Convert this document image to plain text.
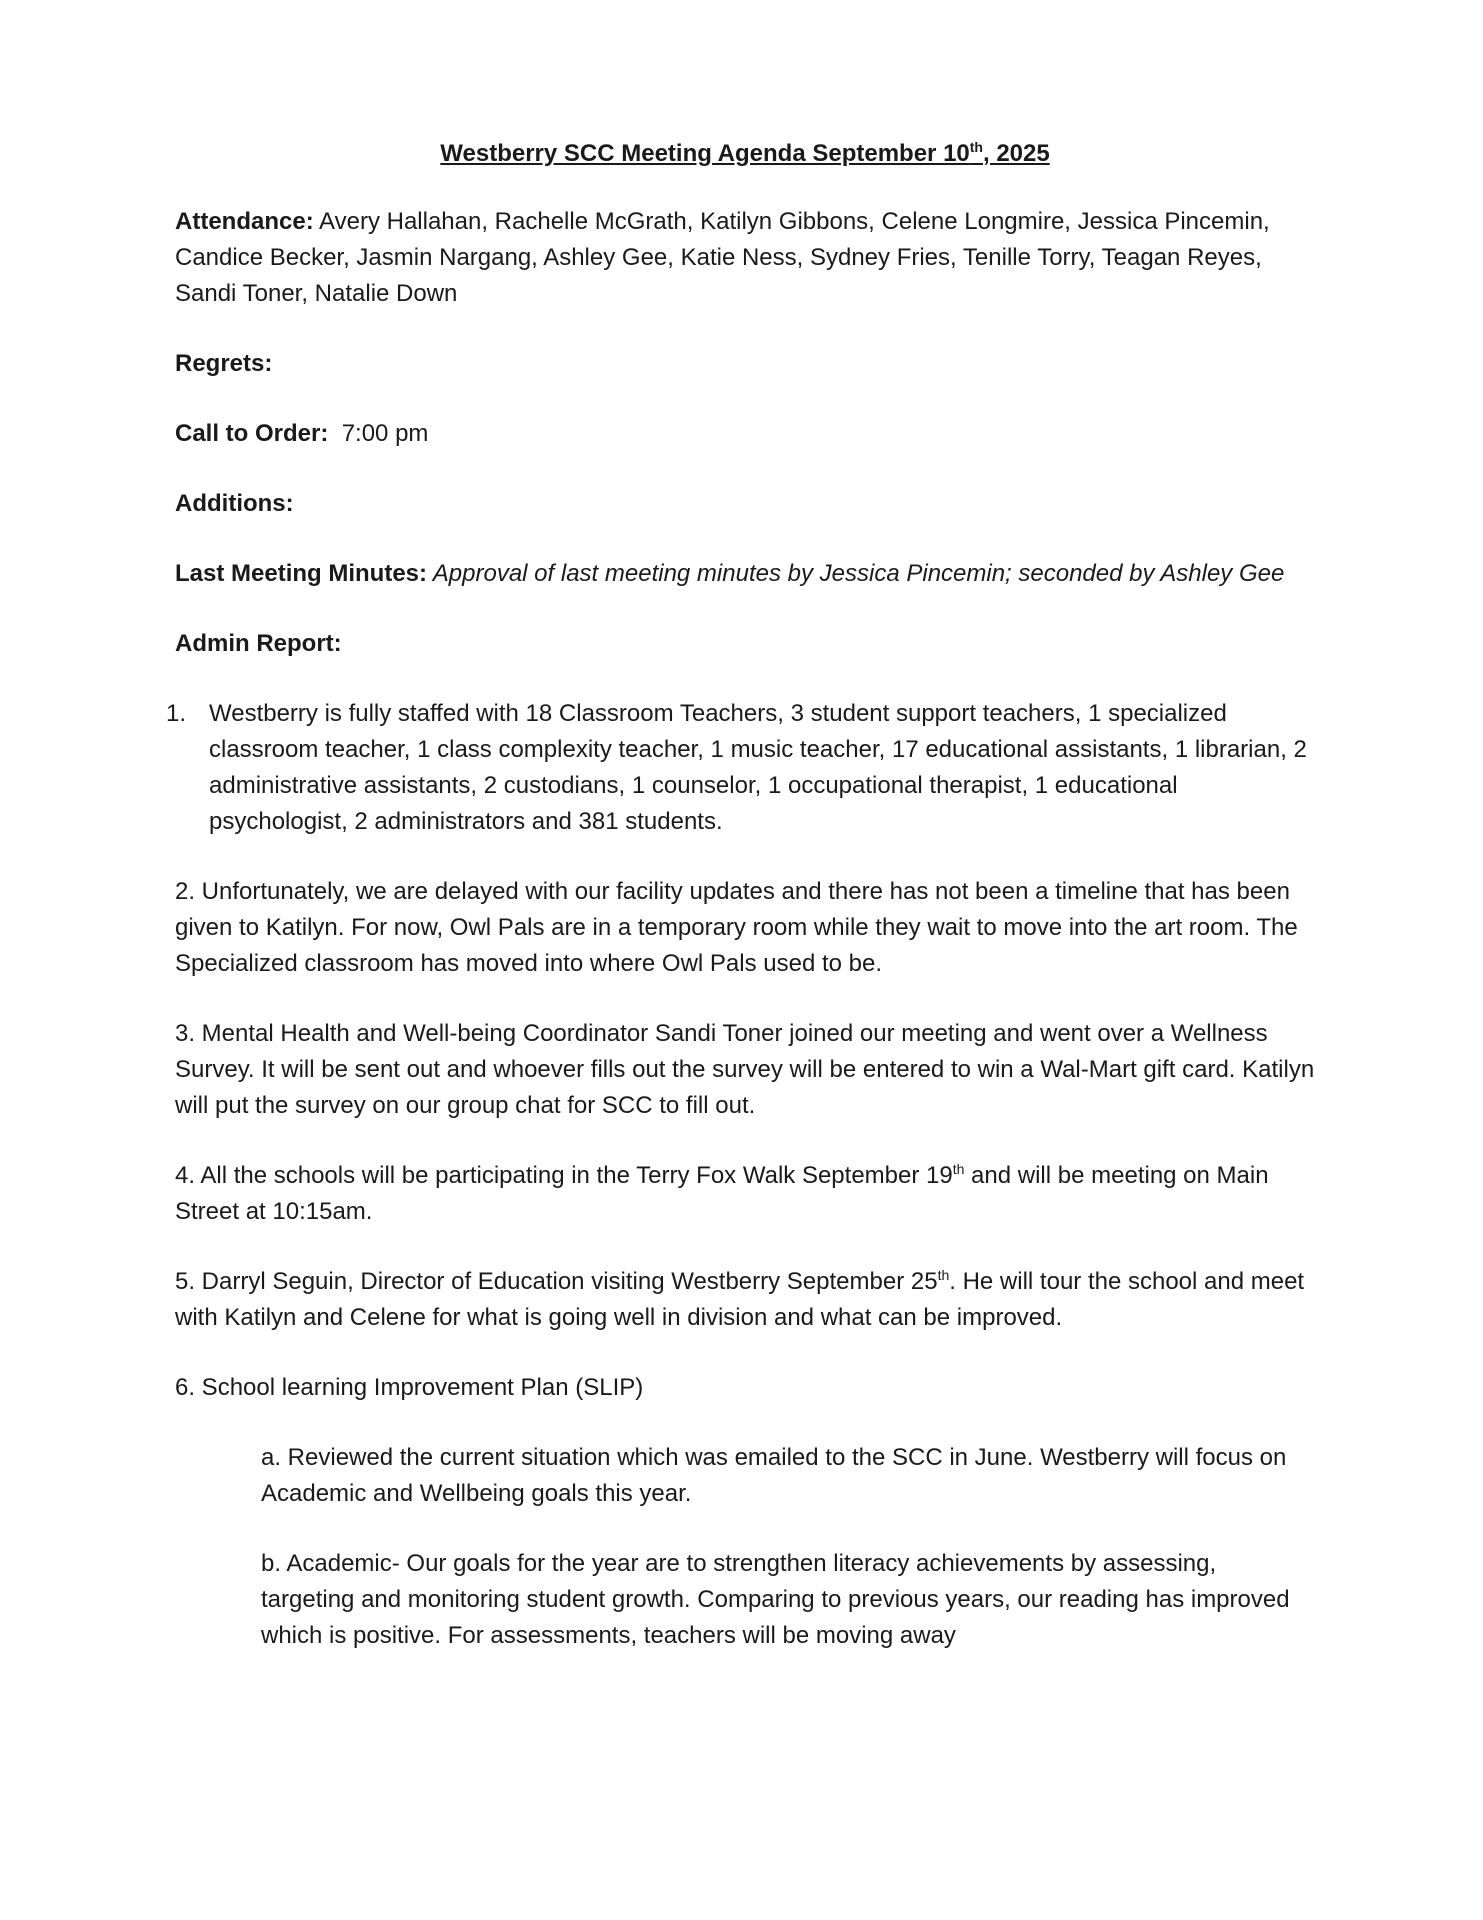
Westberry SCC Meeting Agenda September 10th, 2025
Attendance: Avery Hallahan, Rachelle McGrath, Katilyn Gibbons, Celene Longmire, Jessica Pincemin, Candice Becker, Jasmin Nargang, Ashley Gee, Katie Ness, Sydney Fries, Tenille Torry, Teagan Reyes, Sandi Toner, Natalie Down
Regrets:
Call to Order:  7:00 pm
Additions:
Last Meeting Minutes: Approval of last meeting minutes by Jessica Pincemin; seconded by Ashley Gee
Admin Report:
1. Westberry is fully staffed with 18 Classroom Teachers, 3 student support teachers, 1 specialized classroom teacher, 1 class complexity teacher, 1 music teacher, 17 educational assistants, 1 librarian, 2 administrative assistants, 2 custodians, 1 counselor, 1 occupational therapist, 1 educational psychologist, 2 administrators and 381 students.
2. Unfortunately, we are delayed with our facility updates and there has not been a timeline that has been given to Katilyn. For now, Owl Pals are in a temporary room while they wait to move into the art room. The Specialized classroom has moved into where Owl Pals used to be.
3. Mental Health and Well-being Coordinator Sandi Toner joined our meeting and went over a Wellness Survey. It will be sent out and whoever fills out the survey will be entered to win a Wal-Mart gift card. Katilyn will put the survey on our group chat for SCC to fill out.
4. All the schools will be participating in the Terry Fox Walk September 19th and will be meeting on Main Street at 10:15am.
5. Darryl Seguin, Director of Education visiting Westberry September 25th. He will tour the school and meet with Katilyn and Celene for what is going well in division and what can be improved.
6. School learning Improvement Plan (SLIP)
a. Reviewed the current situation which was emailed to the SCC in June. Westberry will focus on Academic and Wellbeing goals this year.
b. Academic- Our goals for the year are to strengthen literacy achievements by assessing, targeting and monitoring student growth. Comparing to previous years, our reading has improved which is positive. For assessments, teachers will be moving away
